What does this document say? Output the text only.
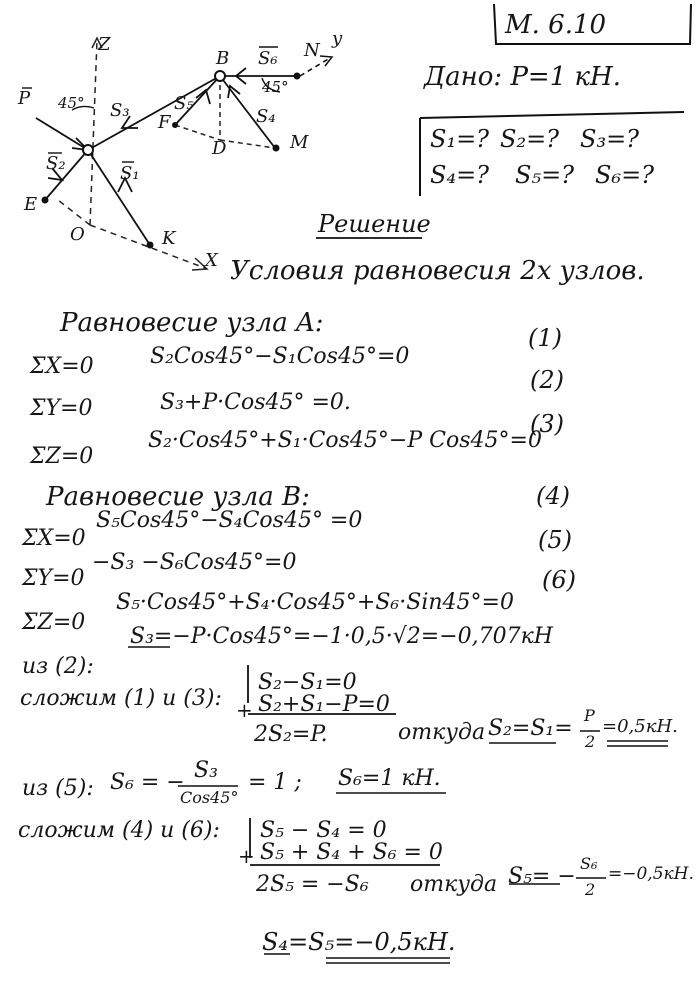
M. 6.10
Дано: P=1 кН.
S₁=? S₂=? S₃=?
S₄=? S₅=? S₆=?
P
S₂
E
O
S₁
K
X
Z
S₃
B S₆ N
y
S₅
F
D
S₄
M
45°
45°
Решение
Условия равновесия 2х узлов.
Равновесие узла A:
ΣX=0	S₂Cos45°−S₁Cos45°=0
(1)
ΣY=0	S₃+P·Cos45° =0.
(2)
ΣZ=0
S₂·Cos45°+S₁·Cos45°−P Cos45°=0
(3)
Равновесие узла B:	(4)
ΣX=0
S₅Cos45°−S₄Cos45° =0
ΣY=0
−S₃ −S₆Cos45°=0
(5)
ΣZ=0
S₅·Cos45°+S₄·Cos45°+S₆·Sin45°=0
(6)
из (2):
S₃=−P·Cos45°=−1·0,5·√2=−0,707кН
сложим (1) и (3): +
S₂−S₁=0
S₂+S₁−P=0
2S₂=P.	откуда S₂=S₁=
P
2
=0,5кН.
из (5): S₆ = − S₃
Cos45°
= 1 ; S₆=1 кН.
сложим (4) и (6):
+
S₅ − S₄ = 0
S₅ + S₄ + S₆ = 0
2S₅ = −S₆ откуда S₅= −
S₆
2
=−0,5кН.
S₄=S₅=−0,5кН.
